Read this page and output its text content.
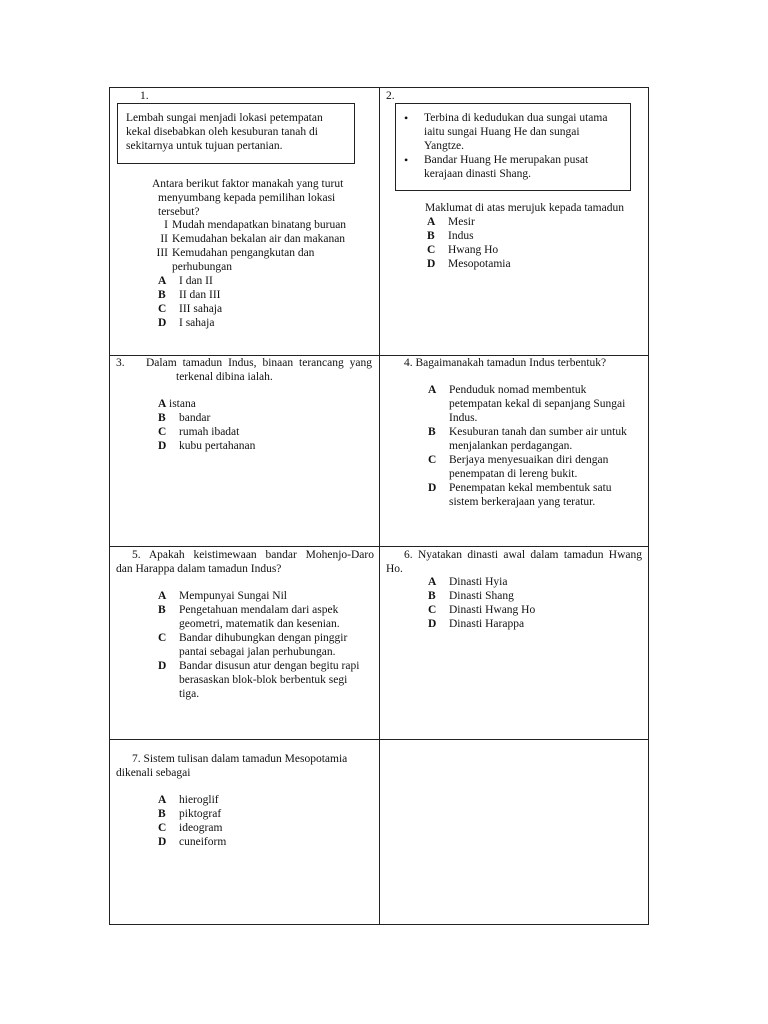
1.
Lembah sungai menjadi lokasi petempatan
kekal disebabkan oleh kesuburan tanah di
sekitarnya untuk tujuan pertanian.
Antara berikut faktor manakah yang turut
menyumbang kepada pemilihan lokasi
tersebut?
I Mudah mendapatkan binatang buruan
II Kemudahan bekalan air dan makanan
III Kemudahan pengangkutan dan
perhubungan
A I dan II
B II dan III
C III sahaja
D I sahaja
2.
• Terbina di kedudukan dua sungai utama
iaitu sungai Huang He dan sungai
Yangtze.
• Bandar Huang He merupakan pusat
kerajaan dinasti Shang.
Maklumat di atas merujuk kepada tamadun
A Mesir
B Indus
C Hwang Ho
D Mesopotamia
3. Dalam tamadun Indus, binaan terancang yang
terkenal dibina ialah.
A istana
B bandar
C rumah ibadat
D kubu pertahanan
4. Bagaimanakah tamadun Indus terbentuk?
A Penduduk nomad membentuk
petempatan kekal di sepanjang Sungai
Indus.
B Kesuburan tanah dan sumber air untuk
menjalankan perdagangan.
C Berjaya menyesuaikan diri dengan
penempatan di lereng bukit.
D Penempatan kekal membentuk satu
sistem berkerajaan yang teratur.
5. Apakah keistimewaan bandar Mohenjo-Daro
dan Harappa dalam tamadun Indus?
A Mempunyai Sungai Nil
B Pengetahuan mendalam dari aspek
geometri, matematik dan kesenian.
C Bandar dihubungkan dengan pinggir
pantai sebagai jalan perhubungan.
D Bandar disusun atur dengan begitu rapi
berasaskan blok-blok berbentuk segi
tiga.
6. Nyatakan dinasti awal dalam tamadun Hwang
Ho.
A Dinasti Hyia
B Dinasti Shang
C Dinasti Hwang Ho
D Dinasti Harappa
7. Sistem tulisan dalam tamadun Mesopotamia
dikenali sebagai
A hieroglif
B piktograf
C ideogram
D cuneiform
